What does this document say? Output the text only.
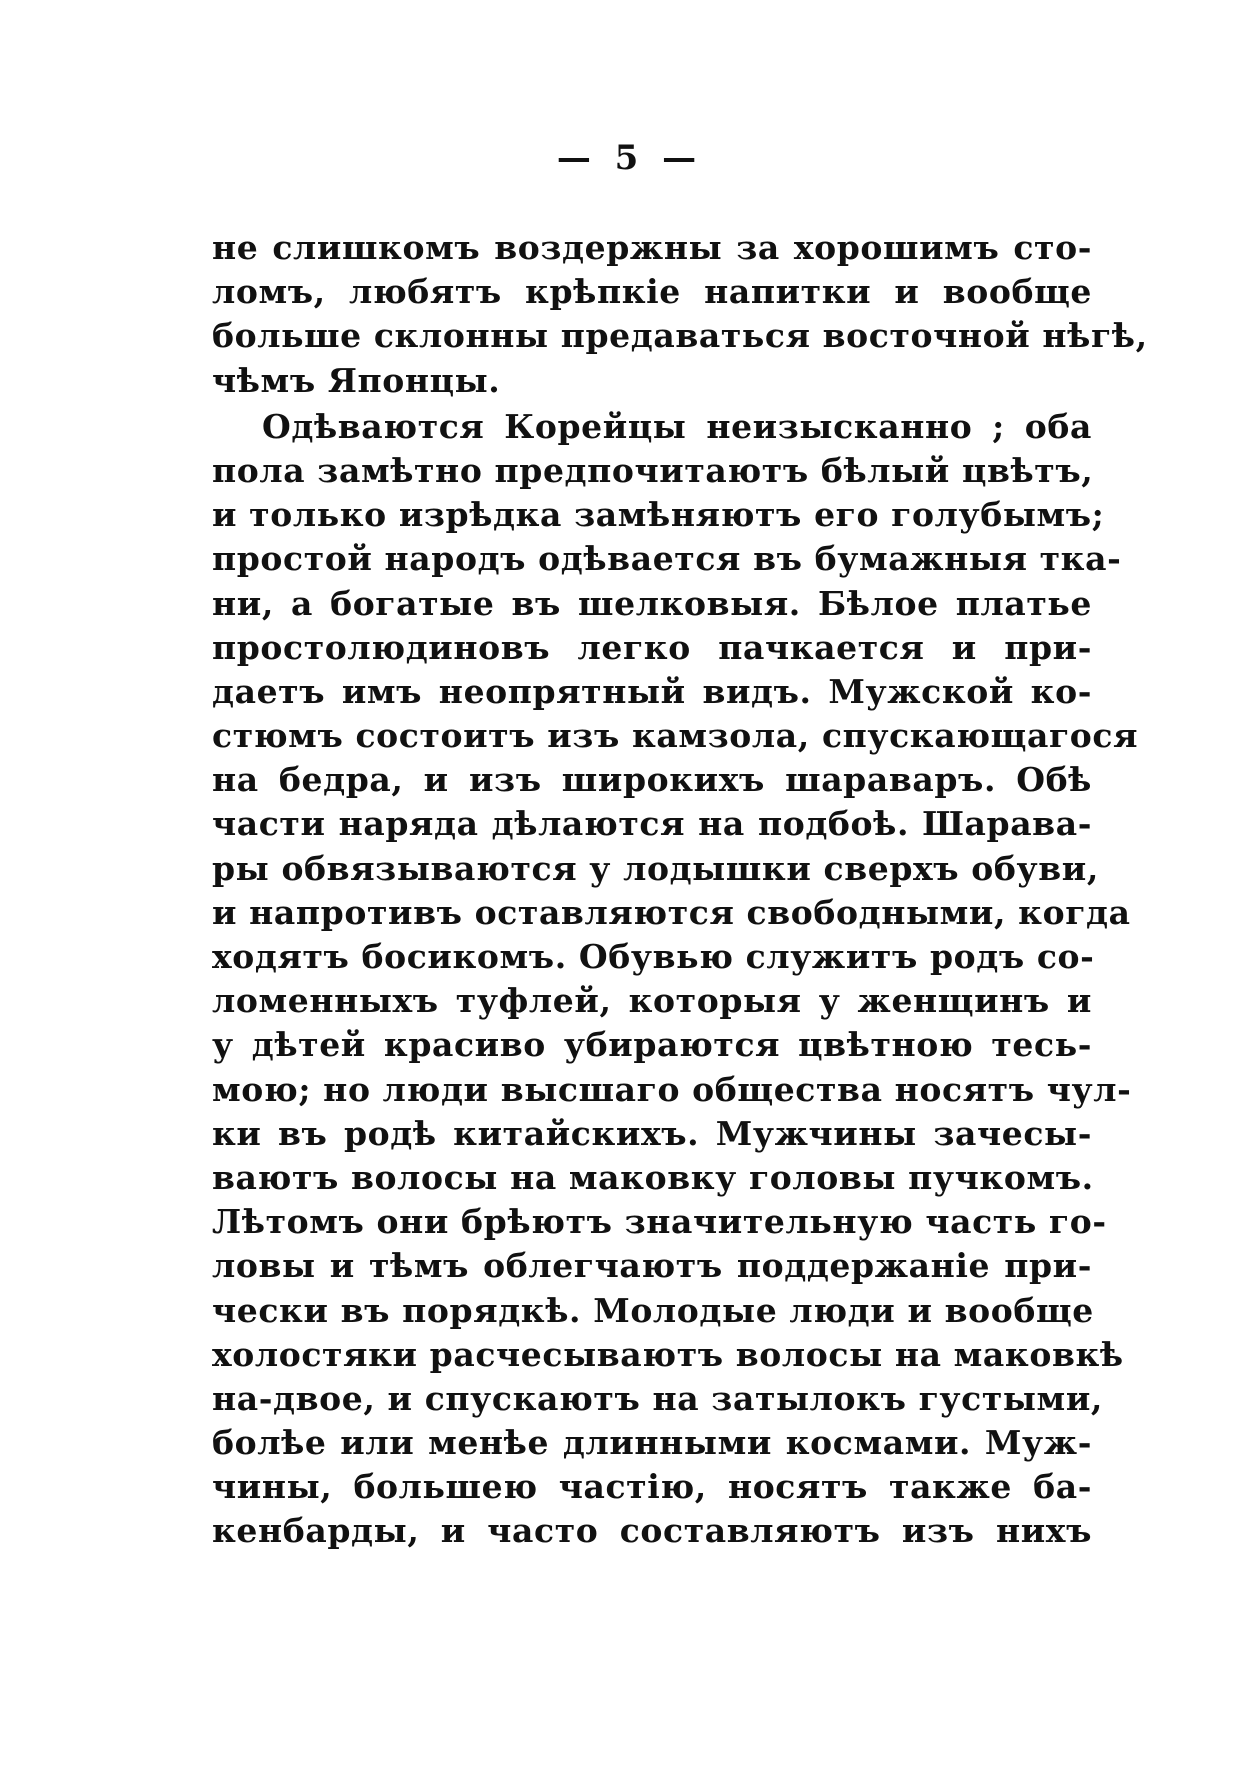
— 5 —
не слишкомъ воздержны за хорошимъ сто-
ломъ, любятъ крѣпкіе напитки и вообще
больше склонны предаваться восточной нѣгѣ,
чѣмъ Японцы.
Одѣваются Корейцы неизысканно ; оба
пола замѣтно предпочитаютъ бѣлый цвѣтъ,
и только изрѣдка замѣняютъ его голубымъ;
простой народъ одѣвается въ бумажныя тка-
ни, а богатые въ шелковыя. Бѣлое платье
простолюдиновъ легко пачкается и при-
даетъ имъ неопрятный видъ. Мужской ко-
стюмъ состоитъ изъ камзола, спускающагося
на бедра, и изъ широкихъ шараваръ. Обѣ
части наряда дѣлаются на подбоѣ. Шарава-
ры обвязываются у лодышки сверхъ обуви,
и напротивъ оставляются свободными, когда
ходятъ босикомъ. Обувью служитъ родъ со-
ломенныхъ туфлей, которыя у женщинъ и
у дѣтей красиво убираются цвѣтною тесь-
мою; но люди высшаго общества носятъ чул-
ки въ родѣ китайскихъ. Мужчины зачесы-
ваютъ волосы на маковку головы пучкомъ.
Лѣтомъ они брѣютъ значительную часть го-
ловы и тѣмъ облегчаютъ поддержаніе при-
чески въ порядкѣ. Молодые люди и вообще
холостяки расчесываютъ волосы на маковкѣ
на-двое, и спускаютъ на затылокъ густыми,
болѣе или менѣе длинными космами. Муж-
чины, большею частію, носятъ также ба-
кенбарды, и часто составляютъ изъ нихъ
